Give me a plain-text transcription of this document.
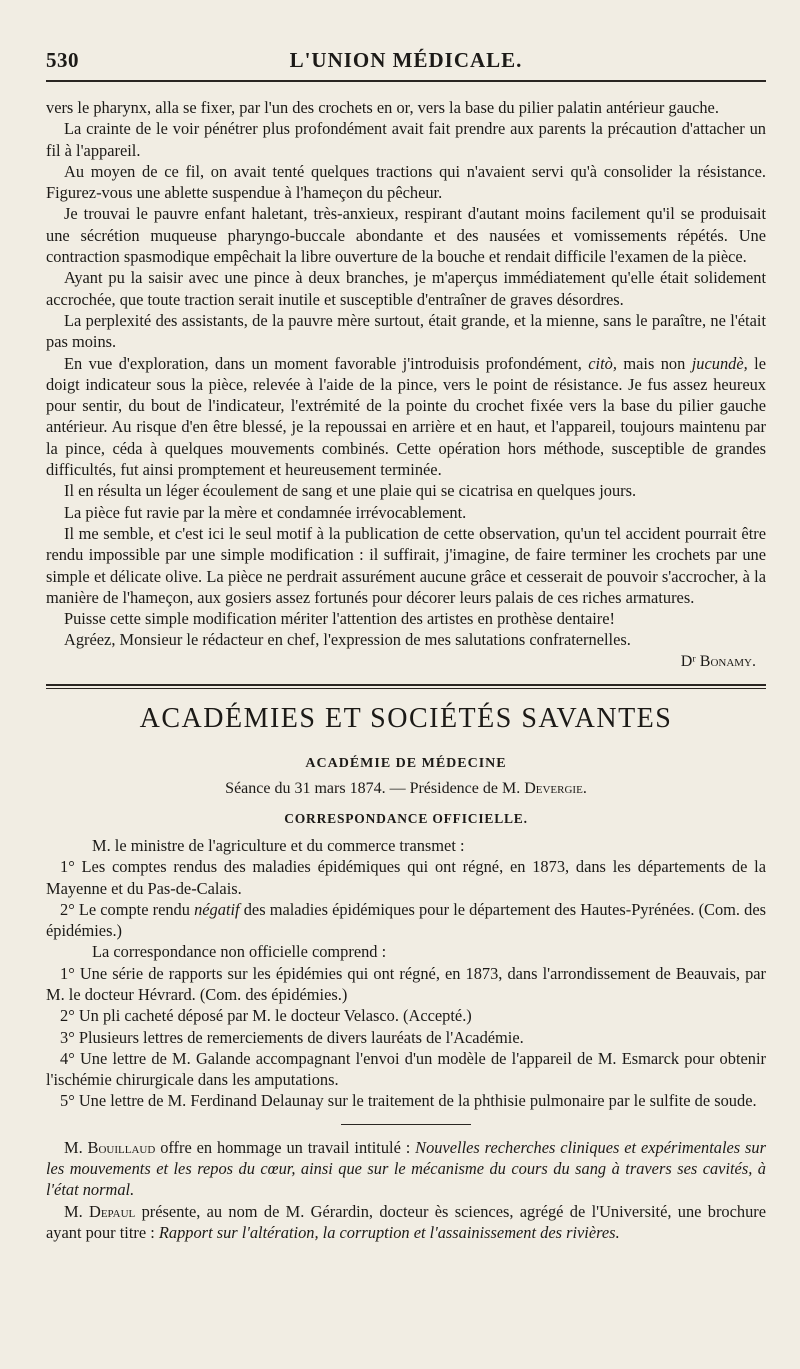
530	L'UNION MÉDICALE.

vers le pharynx, alla se fixer, par l'un des crochets en or, vers la base du pilier palatin antérieur gauche.

La crainte de le voir pénétrer plus profondément avait fait prendre aux parents la précaution d'attacher un fil à l'appareil.

Au moyen de ce fil, on avait tenté quelques tractions qui n'avaient servi qu'à consolider la résistance. Figurez-vous une ablette suspendue à l'hameçon du pêcheur.

Je trouvai le pauvre enfant haletant, très-anxieux, respirant d'autant moins facilement qu'il se produisait une sécrétion muqueuse pharyngo-buccale abondante et des nausées et vomissements répétés. Une contraction spasmodique empêchait la libre ouverture de la bouche et rendait difficile l'examen de la pièce.

Ayant pu la saisir avec une pince à deux branches, je m'aperçus immédiatement qu'elle était solidement accrochée, que toute traction serait inutile et susceptible d'entraîner de graves désordres.

La perplexité des assistants, de la pauvre mère surtout, était grande, et la mienne, sans le paraître, ne l'était pas moins.

En vue d'exploration, dans un moment favorable j'introduisis profondément, citò, mais non jucundè, le doigt indicateur sous la pièce, relevée à l'aide de la pince, vers le point de résistance. Je fus assez heureux pour sentir, du bout de l'indicateur, l'extrémité de la pointe du crochet fixée vers la base du pilier gauche antérieur. Au risque d'en être blessé, je la repoussai en arrière et en haut, et l'appareil, toujours maintenu par la pince, céda à quelques mouvements combinés. Cette opération hors méthode, susceptible de grandes difficultés, fut ainsi promptement et heureusement terminée.

Il en résulta un léger écoulement de sang et une plaie qui se cicatrisa en quelques jours.

La pièce fut ravie par la mère et condamnée irrévocablement.

Il me semble, et c'est ici le seul motif à la publication de cette observation, qu'un tel accident pourrait être rendu impossible par une simple modification : il suffirait, j'imagine, de faire terminer les crochets par une simple et délicate olive. La pièce ne perdrait assurément aucune grâce et cesserait de pouvoir s'accrocher, à la manière de l'hameçon, aux gosiers assez fortunés pour décorer leurs palais de ces riches armatures.

Puisse cette simple modification mériter l'attention des artistes en prothèse dentaire!

Agréez, Monsieur le rédacteur en chef, l'expression de mes salutations confraternelles.

Dʳ Bonamy.
ACADÉMIES ET SOCIÉTÉS SAVANTES
ACADÉMIE DE MÉDECINE
Séance du 31 mars 1874. — Présidence de M. Devergie.
CORRESPONDANCE OFFICIELLE.

M. le ministre de l'agriculture et du commerce transmet :

1° Les comptes rendus des maladies épidémiques qui ont régné, en 1873, dans les départements de la Mayenne et du Pas-de-Calais.

2° Le compte rendu négatif des maladies épidémiques pour le département des Hautes-Pyrénées. (Com. des épidémies.)

La correspondance non officielle comprend :

1° Une série de rapports sur les épidémies qui ont régné, en 1873, dans l'arrondissement de Beauvais, par M. le docteur Hévrard. (Com. des épidémies.)

2° Un pli cacheté déposé par M. le docteur Velasco. (Accepté.)

3° Plusieurs lettres de remerciements de divers lauréats de l'Académie.

4° Une lettre de M. Galande accompagnant l'envoi d'un modèle de l'appareil de M. Esmarck pour obtenir l'ischémie chirurgicale dans les amputations.

5° Une lettre de M. Ferdinand Delaunay sur le traitement de la phthisie pulmonaire par le sulfite de soude.

M. Bouillaud offre en hommage un travail intitulé : Nouvelles recherches cliniques et expérimentales sur les mouvements et les repos du cœur, ainsi que sur le mécanisme du cours du sang à travers ses cavités, à l'état normal.

M. Depaul présente, au nom de M. Gérardin, docteur ès sciences, agrégé de l'Université, une brochure ayant pour titre : Rapport sur l'altération, la corruption et l'assainissement des rivières.
